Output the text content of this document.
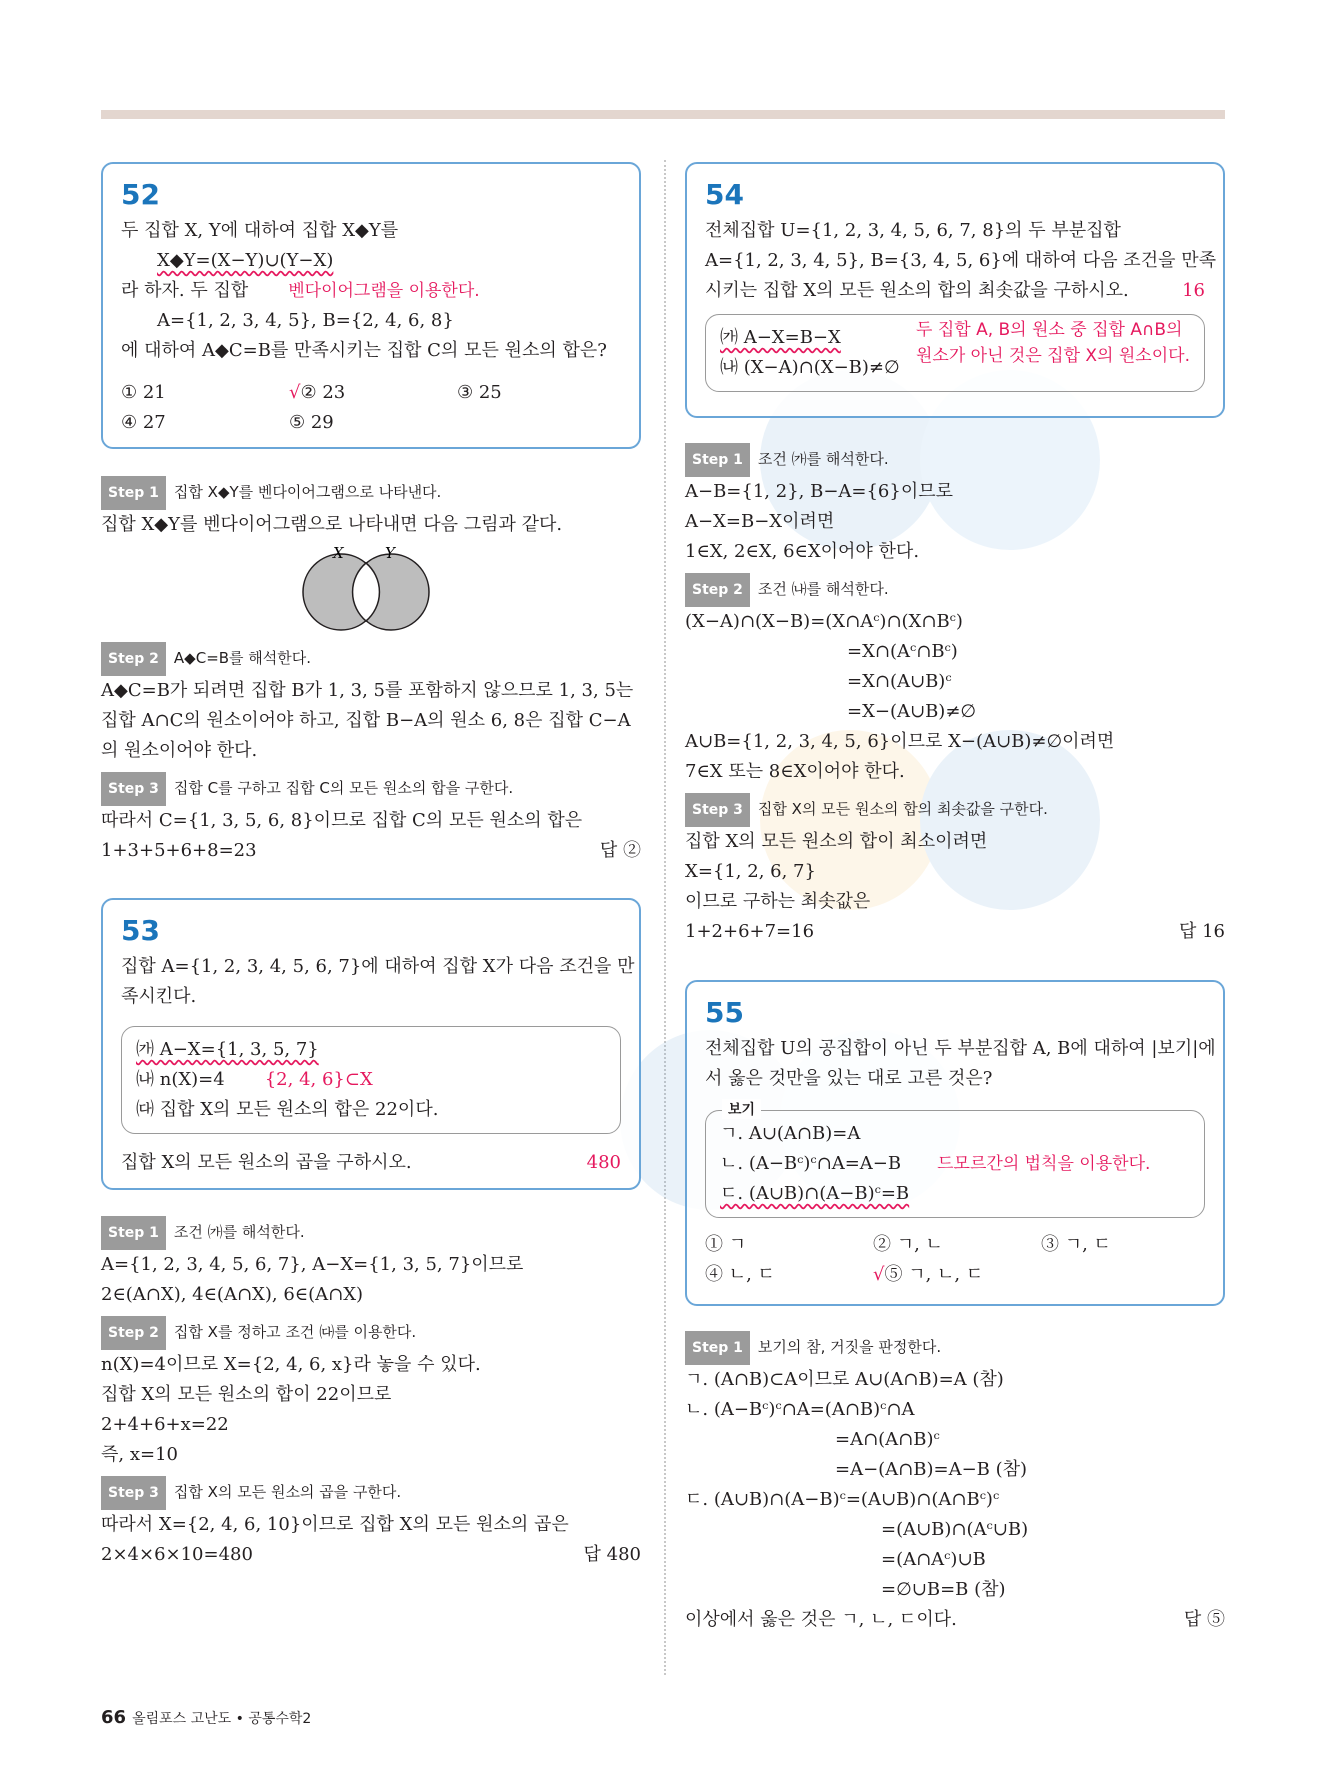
52
두 집합 X, Y에 대하여 집합 X◆Y를
X◆Y=(X−Y)∪(Y−X)
라 하자. 두 집합 벤다이어그램을 이용한다.
A={1, 2, 3, 4, 5}, B={2, 4, 6, 8}
에 대하여 A◆C=B를 만족시키는 집합 C의 모든 원소의 합은?
① 21	√② 23	③ 25
④ 27	⑤ 29
Step 1 집합 X◆Y를 벤다이어그램으로 나타낸다.
집합 X◆Y를 벤다이어그램으로 나타내면 다음 그림과 같다.
X	Y
Step 2 A◆C=B를 해석한다.
A◆C=B가 되려면 집합 B가 1, 3, 5를 포함하지 않으므로 1, 3, 5는
집합 A∩C의 원소이어야 하고, 집합 B−A의 원소 6, 8은 집합 C−A
의 원소이어야 한다.
Step 3 집합 C를 구하고 집합 C의 모든 원소의 합을 구한다.
따라서 C={1, 3, 5, 6, 8}이므로 집합 C의 모든 원소의 합은
1+3+5+6+8=23	답 ②
53
집합 A={1, 2, 3, 4, 5, 6, 7}에 대하여 집합 X가 다음 조건을 만
족시킨다.
㈎ A−X={1, 3, 5, 7}
㈏ n(X)=4 {2, 4, 6}⊂X
㈐ 집합 X의 모든 원소의 합은 22이다.
집합 X의 모든 원소의 곱을 구하시오.	480
Step 1 조건 ㈎를 해석한다.
A={1, 2, 3, 4, 5, 6, 7}, A−X={1, 3, 5, 7}이므로
2∈(A∩X), 4∈(A∩X), 6∈(A∩X)
Step 2 집합 X를 정하고 조건 ㈐를 이용한다.
n(X)=4이므로 X={2, 4, 6, x}라 놓을 수 있다.
집합 X의 모든 원소의 합이 22이므로
2+4+6+x=22
즉, x=10
Step 3 집합 X의 모든 원소의 곱을 구한다.
따라서 X={2, 4, 6, 10}이므로 집합 X의 모든 원소의 곱은
2×4×6×10=480	답 480
54
전체집합 U={1, 2, 3, 4, 5, 6, 7, 8}의 두 부분집합
A={1, 2, 3, 4, 5}, B={3, 4, 5, 6}에 대하여 다음 조건을 만족
시키는 집합 X의 모든 원소의 합의 최솟값을 구하시오.	16
㈎ A−X=B−X
㈏ (X−A)∩(X−B)≠∅
두 집합 A, B의 원소 중 집합 A∩B의
원소가 아닌 것은 집합 X의 원소이다.
Step 1 조건 ㈎를 해석한다.
A−B={1, 2}, B−A={6}이므로
A−X=B−X이려면
1∈X, 2∈X, 6∈X이어야 한다.
Step 2 조건 ㈏를 해석한다.
(X−A)∩(X−B)=(X∩Aᶜ)∩(X∩Bᶜ)
=X∩(Aᶜ∩Bᶜ)
=X∩(A∪B)ᶜ
=X−(A∪B)≠∅
A∪B={1, 2, 3, 4, 5, 6}이므로 X−(A∪B)≠∅이려면
7∈X 또는 8∈X이어야 한다.
Step 3 집합 X의 모든 원소의 합의 최솟값을 구한다.
집합 X의 모든 원소의 합이 최소이려면
X={1, 2, 6, 7}
이므로 구하는 최솟값은
1+2+6+7=16	답 16
55
전체집합 U의 공집합이 아닌 두 부분집합 A, B에 대하여 |보기|에
서 옳은 것만을 있는 대로 고른 것은?
보기
ㄱ. A∪(A∩B)=A
ㄴ. (A−Bᶜ)ᶜ∩A=A−B 드모르간의 법칙을 이용한다.
ㄷ. (A∪B)∩(A−B)ᶜ=B
① ㄱ	② ㄱ, ㄴ	③ ㄱ, ㄷ
④ ㄴ, ㄷ	√⑤ ㄱ, ㄴ, ㄷ
Step 1 보기의 참, 거짓을 판정한다.
ㄱ. (A∩B)⊂A이므로 A∪(A∩B)=A (참)
ㄴ. (A−Bᶜ)ᶜ∩A=(A∩B)ᶜ∩A
=A∩(A∩B)ᶜ
=A−(A∩B)=A−B (참)
ㄷ. (A∪B)∩(A−B)ᶜ=(A∪B)∩(A∩Bᶜ)ᶜ
=(A∪B)∩(Aᶜ∪B)
=(A∩Aᶜ)∪B
=∅∪B=B (참)
이상에서 옳은 것은 ㄱ, ㄴ, ㄷ이다.	답 ⑤
66 올림포스 고난도 • 공통수학2
